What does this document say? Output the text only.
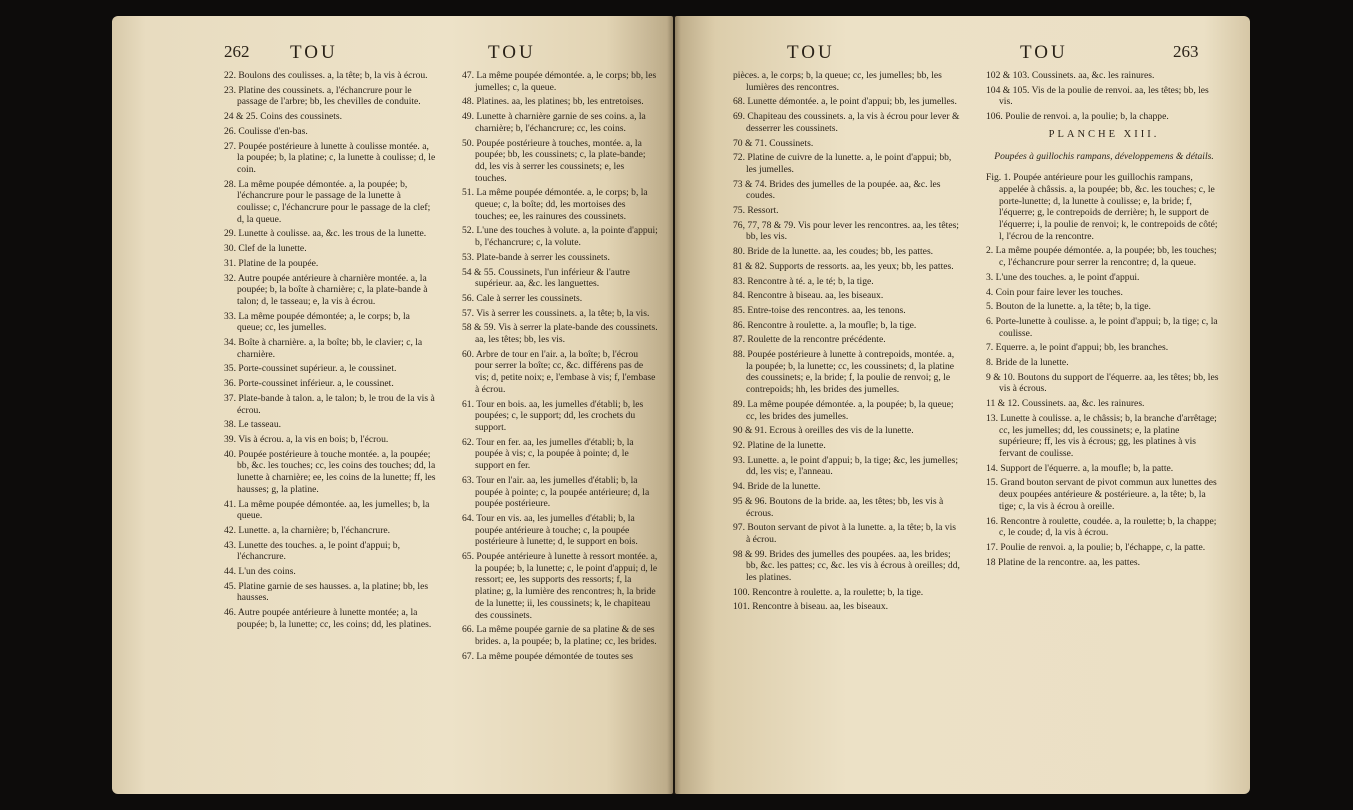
262 TOU	TOU
22. Boulons des coulisses. a, la tête; b, la vis à écrou.
23. Platine des coussinets. a, l'échancrure pour le passage de l'arbre; bb, les chevilles de conduite.
24 & 25. Coins des coussinets.
26. Coulisse d'en-bas.
27. Poupée postérieure à lunette à coulisse montée. a, la poupée; b, la platine; c, la lunette à coulisse; d, le coin.
28. La même poupée démontée. a, la poupée; b, l'échancrure pour le passage de la lunette à coulisse; c, l'échancrure pour le passage de la clef; d, la queue.
29. Lunette à coulisse. aa, &c. les trous de la lunette.
30. Clef de la lunette.
31. Platine de la poupée.
32. Autre poupée antérieure à charnière montée. a, la poupée; b, la boîte à charnière; c, la plate-bande à talon; d, le tasseau; e, la vis à écrou.
33. La même poupée démontée; a, le corps; b, la queue; cc, les jumelles.
34. Boîte à charnière. a, la boîte; bb, le clavier; c, la charnière.
35. Porte-coussinet supérieur. a, le coussinet.
36. Porte-coussinet inférieur. a, le coussinet.
37. Plate-bande à talon. a, le talon; b, le trou de la vis à écrou.
38. Le tasseau.
39. Vis à écrou. a, la vis en bois; b, l'écrou.
40. Poupée postérieure à touche montée. a, la poupée; bb, &c. les touches; cc, les coins des touches; dd, la lunette à charnière; ee, les coins de la lunette; ff, les hausses; g, la platine.
41. La même poupée démontée. aa, les jumelles; b, la queue.
42. Lunette. a, la charnière; b, l'échancrure.
43. Lunette des touches. a, le point d'appui; b, l'échancrure.
44. L'un des coins.
45. Platine garnie de ses hausses. a, la platine; bb, les hausses.
46. Autre poupée antérieure à lunette montée; a, la poupée; b, la lunette; cc, les coins; dd, les platines.
47. La même poupée démontée. a, le corps; bb, les jumelles; c, la queue.
48. Platines. aa, les platines; bb, les entretoises.
49. Lunette à charnière garnie de ses coins. a, la charnière; b, l'échancrure; cc, les coins.
50. Poupée postérieure à touches, montée. a, la poupée; bb, les coussinets; c, la plate-bande; dd, les vis à serrer les coussinets; e, les touches.
51. La même poupée démontée. a, le corps; b, la queue; c, la boîte; dd, les mortoises des touches; ee, les rainures des coussinets.
52. L'une des touches à volute. a, la pointe d'appui; b, l'échancrure; c, la volute.
53. Plate-bande à serrer les coussinets.
54 & 55. Coussinets, l'un inférieur & l'autre supérieur. aa, &c. les languettes.
56. Cale à serrer les coussinets.
57. Vis à serrer les coussinets. a, la tête; b, la vis.
58 & 59. Vis à serrer la plate-bande des coussinets. aa, les têtes; bb, les vis.
60. Arbre de tour en l'air. a, la boîte; b, l'écrou pour serrer la boîte; cc, &c. différens pas de vis; d, petite noix; e, l'embase à vis; f, l'embase à écrou.
61. Tour en bois. aa, les jumelles d'établi; b, les poupées; c, le support; dd, les crochets du support.
62. Tour en fer. aa, les jumelles d'établi; b, la poupée à vis; c, la poupée à pointe; d, le support en fer.
63. Tour en l'air. aa, les jumelles d'établi; b, la poupée à pointe; c, la poupée antérieure; d, la poupée postérieure.
64. Tour en vis. aa, les jumelles d'établi; b, la poupée antérieure à touche; c, la poupée postérieure à lunette; d, le support en bois.
65. Poupée antérieure à lunette à ressort montée. a, la poupée; b, la lunette; c, le point d'appui; d, le ressort; ee, les supports des ressorts; f, la platine; g, la lumière des rencontres; h, la bride de la lunette; ii, les coussinets; k, le chapiteau des coussinets.
66. La même poupée garnie de sa platine & de ses brides. a, la poupée; b, la platine; cc, les brides.
67. La même poupée démontée de toutes ses
TOU	TOU	263
pièces. a, le corps; b, la queue; cc, les jumelles; bb, les lumières des rencontres.
68. Lunette démontée. a, le point d'appui; bb, les jumelles.
69. Chapiteau des coussinets. a, la vis à écrou pour lever & desserrer les coussinets.
70 & 71. Coussinets.
72. Platine de cuivre de la lunette. a, le point d'appui; bb, les jumelles.
73 & 74. Brides des jumelles de la poupée. aa, &c. les coudes.
75. Ressort.
76, 77, 78 & 79. Vis pour lever les rencontres. aa, les têtes; bb, les vis.
80. Bride de la lunette. aa, les coudes; bb, les pattes.
81 & 82. Supports de ressorts. aa, les yeux; bb, les pattes.
83. Rencontre à té. a, le té; b, la tige.
84. Rencontre à biseau. aa, les biseaux.
85. Entre-toise des rencontres. aa, les tenons.
86. Rencontre à roulette. a, la moufle; b, la tige.
87. Roulette de la rencontre précédente.
88. Poupée postérieure à lunette à contrepoids, montée. a, la poupée; b, la lunette; cc, les coussinets; d, la platine des coussinets; e, la bride; f, la poulie de renvoi; g, le contrepoids; hh, les brides des jumelles.
89. La même poupée démontée. a, la poupée; b, la queue; cc, les brides des jumelles.
90 & 91. Ecrous à oreilles des vis de la lunette.
92. Platine de la lunette.
93. Lunette. a, le point d'appui; b, la tige; &c, les jumelles; dd, les vis; e, l'anneau.
94. Bride de la lunette.
95 & 96. Boutons de la bride. aa, les têtes; bb, les vis à écrous.
97. Bouton servant de pivot à la lunette. a, la tête; b, la vis à écrou.
98 & 99. Brides des jumelles des poupées. aa, les brides; bb, &c. les pattes; cc, &c. les vis à écrous à oreilles; dd, les platines.
100. Rencontre à roulette. a, la roulette; b, la tige.
101. Rencontre à biseau. aa, les biseaux.
102 & 103. Coussinets. aa, &c. les rainures.
104 & 105. Vis de la poulie de renvoi. aa, les têtes; bb, les vis.
106. Poulie de renvoi. a, la poulie; b, la chappe.
PLANCHE XIII.
Poupées à guillochis rampans, développemens & détails.
Fig. 1. Poupée antérieure pour les guillochis rampans, appelée à châssis. a, la poupée; bb, &c. les touches; c, le porte-lunette; d, la lunette à coulisse; e, la bride; f, l'équerre; g, le contrepoids de derrière; h, le support de l'équerre; i, la poulie de renvoi; k, le contrepoids de côté; l, l'écrou de la rencontre.
2. La même poupée démontée. a, la poupée; bb, les touches; c, l'échancrure pour serrer la rencontre; d, la queue.
3. L'une des touches. a, le point d'appui.
4. Coin pour faire lever les touches.
5. Bouton de la lunette. a, la tête; b, la tige.
6. Porte-lunette à coulisse. a, le point d'appui; b, la tige; c, la coulisse.
7. Equerre. a, le point d'appui; bb, les branches.
8. Bride de la lunette.
9 & 10. Boutons du support de l'équerre. aa, les têtes; bb, les vis à écrous.
11 & 12. Coussinets. aa, &c. les rainures.
13. Lunette à coulisse. a, le châssis; b, la branche d'arrêtage; cc, les jumelles; dd, les coussinets; e, la platine supérieure; ff, les vis à écrous; gg, les platines à vis fervant de coulisse.
14. Support de l'équerre. a, la moufle; b, la patte.
15. Grand bouton servant de pivot commun aux lunettes des deux poupées antérieure & postérieure. a, la tête; b, la tige; c, la vis à écrou à oreille.
16. Rencontre à roulette, coudée. a, la roulette; b, la chappe; c, le coude; d, la vis à écrou.
17. Poulie de renvoi. a, la poulie; b, l'échappe, c, la patte.
18 Platine de la rencontre. aa, les pattes.
